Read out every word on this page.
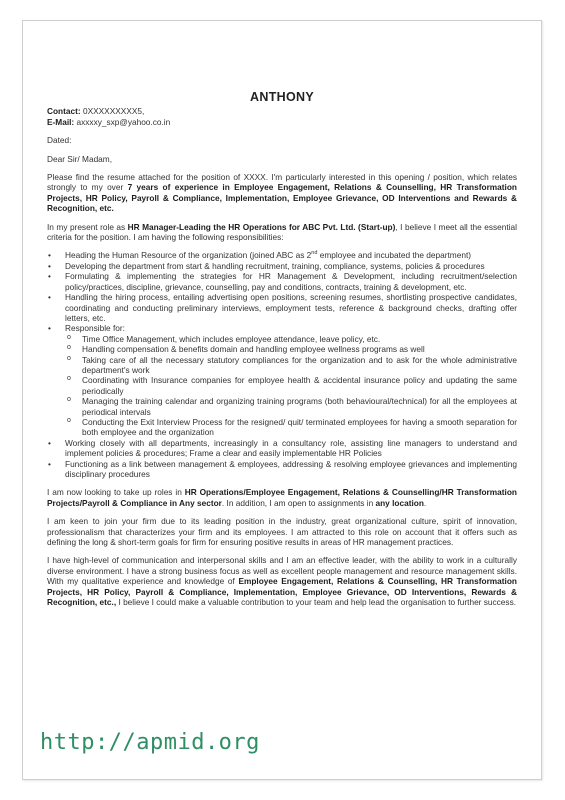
ANTHONY
Contact: 0XXXXXXXXX5,
E-Mail: axxxxy_sxp@yahoo.co.in

Dated:

Dear Sir/ Madam,

Please find the resume attached for the position of XXXX. I'm particularly interested in this opening / position, which relates strongly to my over 7 years of experience in Employee Engagement, Relations & Counselling, HR Transformation Projects, HR Policy, Payroll & Compliance, Implementation, Employee Grievance, OD Interventions and Rewards & Recognition, etc.

In my present role as HR Manager-Leading the HR Operations for ABC Pvt. Ltd. (Start-up), I believe I meet all the essential criteria for the position. I am having the following responsibilities:

• Heading the Human Resource of the organization (joined ABC as 2nd employee and incubated the department)
• Developing the department from start & handling recruitment, training, compliance, systems, policies & procedures
• Formulating & implementing the strategies for HR Management & Development, including recruitment/selection policy/practices, discipline, grievance, counselling, pay and conditions, contracts, training & development, etc.
• Handling the hiring process, entailing advertising open positions, screening resumes, shortlisting prospective candidates, coordinating and conducting preliminary interviews, employment tests, reference & background checks, drafting offer letters, etc.
• Responsible for:
o Time Office Management, which includes employee attendance, leave policy, etc.
o Handling compensation & benefits domain and handling employee wellness programs as well
o Taking care of all the necessary statutory compliances for the organization and to ask for the whole administrative department's work
o Coordinating with Insurance companies for employee health & accidental insurance policy and updating the same periodically
o Managing the training calendar and organizing training programs (both behavioural/technical) for all the employees at periodical intervals
o Conducting the Exit Interview Process for the resigned/ quit/ terminated employees for having a smooth separation for both employee and the organization
• Working closely with all departments, increasingly in a consultancy role, assisting line managers to understand and implement policies & procedures; Frame a clear and easily implementable HR Policies
• Functioning as a link between management & employees, addressing & resolving employee grievances and implementing disciplinary procedures

I am now looking to take up roles in HR Operations/Employee Engagement, Relations & Counselling/HR Transformation Projects/Payroll & Compliance in Any sector. In addition, I am open to assignments in any location.

I am keen to join your firm due to its leading position in the industry, great organizational culture, spirit of innovation, professionalism that characterizes your firm and its employees. I am attracted to this role on account that it offers such as defining the long & short-term goals for firm for ensuring positive results in areas of HR management practices.

I have high-level of communication and interpersonal skills and I am an effective leader, with the ability to work in a culturally diverse environment. I have a strong business focus as well as excellent people management and resource management skills. With my qualitative experience and knowledge of Employee Engagement, Relations & Counselling, HR Transformation Projects, HR Policy, Payroll & Compliance, Implementation, Employee Grievance, OD Interventions, Rewards & Recognition, etc., I believe I could make a valuable contribution to your team and help lead the organisation to further success.

http://apmid.org
